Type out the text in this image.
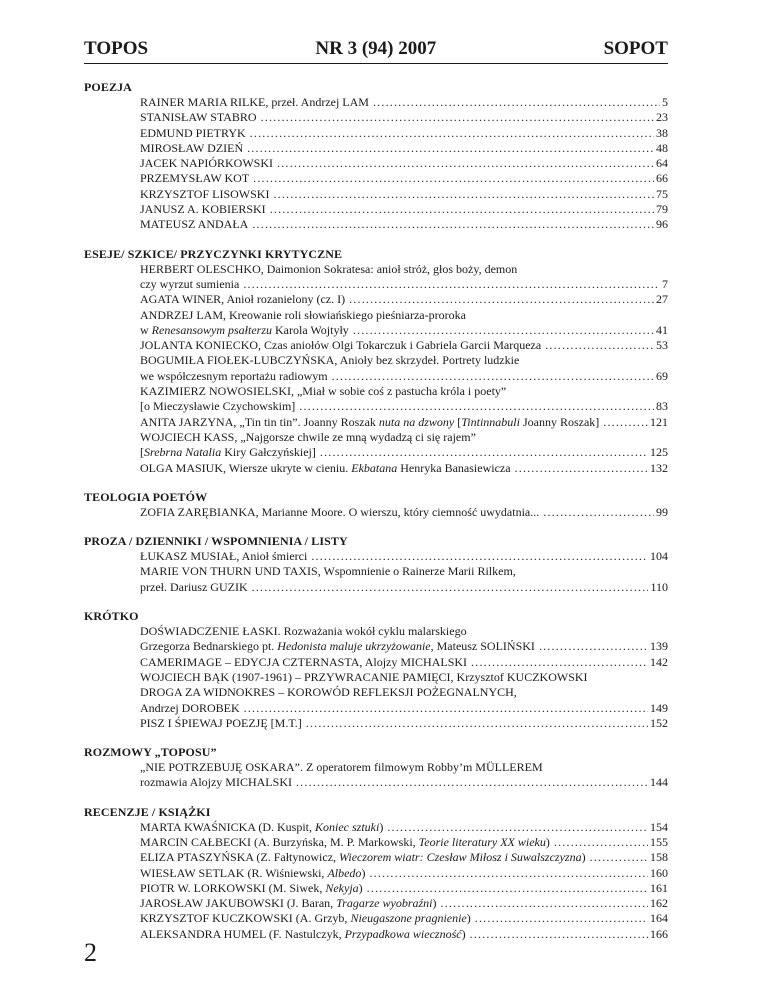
TOPOS	NR 3 (94) 2007	SOPOT
POEZJA
RAINER MARIA RILKE, przeł. Andrzej LAM .....	5
STANISŁAW STABRO .....	23
EDMUND PIETRYK .....	38
MIROSŁAW DZIEŃ .....	48
JACEK NAPIÓRKOWSKI .....	64
PRZEMYSŁAW KOT .....	66
KRZYSZTOF LISOWSKI .....	75
JANUSZ A. KOBIERSKI .....	79
MATEUSZ ANDAŁA .....	96
ESEJE/ SZKICE/ PRZYCZYNKI KRYTYCZNE
HERBERT OLESCHKO, Daimonion Sokratesa: anioł stróż, głos boży, demon
czy wyrzut sumienia .....	7
AGATA WINER, Anioł rozanielony (cz. I) .....	27
ANDRZEJ LAM, Kreowanie roli słowiańskiego pieśniarza-proroka
w Renesansowym psałterzu Karola Wojtyły .....	41
JOLANTA KONIECKO, Czas aniołów Olgi Tokarczuk i Gabriela Garcii Marqueza .....	53
BOGUMIŁA FIOŁEK-LUBCZYŃSKA, Anioły bez skrzydeł. Portrety ludzkie
we współczesnym reportażu radiowym .....	69
KAZIMIERZ NOWOSIELSKI, „Miał w sobie coś z pastucha króla i poety”
[o Mieczysławie Czychowskim] .....	83
ANITA JARZYNA, „Tin tin tin”. Joanny Roszak nuta na dzwony [Tintinnabuli Joanny Roszak] .....	121
WOJCIECH KASS, „Najgorsze chwile ze mną wydadzą ci się rajem”
[Srebrna Natalia Kiry Gałczyńskiej] .....	125
OLGA MASIUK, Wiersze ukryte w cieniu. Ekbatana Henryka Banasiewicza .....	132
TEOLOGIA POETÓW
ZOFIA ZARĘBIANKA, Marianne Moore. O wierszu, który ciemność uwydatnia... .....	99
PROZA / DZIENNIKI / WSPOMNIENIA / LISTY
ŁUKASZ MUSIAŁ, Anioł śmierci .....	104
MARIE VON THURN UND TAXIS, Wspomnienie o Rainerze Marii Rilkem,
przeł. Dariusz GUZIK .....	110
KRÓTKO
DOŚWIADCZENIE ŁASKI. Rozważania wokół cyklu malarskiego
Grzegorza Bednarskiego pt. Hedonista maluje ukrzyżowanie, Mateusz SOLIŃSKI .....	139
CAMERIMAGE – EDYCJA CZTERNASTA, Alojzy MICHALSKI .....	142
WOJCIECH BĄK (1907-1961) – PRZYWRACANIE PAMIĘCI, Krzysztof KUCZKOWSKI
DROGA ZA WIDNOKRES – KOROWÓD REFLEKSJI POŻEGNALNYCH,
Andrzej DOROBEK .....	149
PISZ I ŚPIEWAJ POEZJĘ [M.T.] .....	152
ROZMOWY „TOPOSU”
„NIE POTRZEBUJĘ OSKARA”. Z operatorem filmowym Robby’m MÜLLEREM
rozmawia Alojzy MICHALSKI .....	144
RECENZJE / KSIĄŻKI
MARTA KWAŚNICKA (D. Kuspit, Koniec sztuki) .....	154
MARCIN CAŁBECKI (A. Burzyńska, M. P. Markowski, Teorie literatury XX wieku) .....	155
ELIZA PTASZYŃSKA (Z. Fałtynowicz, Wieczorem wiatr: Czesław Miłosz i Suwalszczyzna) .....	158
WIESŁAW SETLAK (R. Wiśniewski, Albedo) .....	160
PIOTR W. LORKOWSKI (M. Siwek, Nekyja) .....	161
JAROSŁAW JAKUBOWSKI (J. Baran, Tragarze wyobraźni) .....	162
KRZYSZTOF KUCZKOWSKI (A. Grzyb, Nieugaszone pragnienie) .....	164
ALEKSANDRA HUMEL (F. Nastulczyk, Przypadkowa wieczność) .....	166
2
